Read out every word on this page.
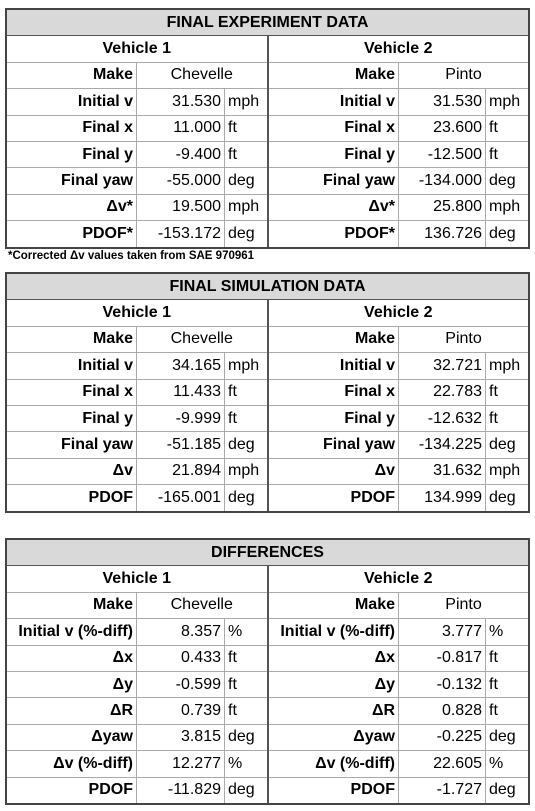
FINAL EXPERIMENT DATA					
Vehicle 1			Vehicle 2		
Make	Chevelle		Make	Pinto	
Initial v	31.530	mph	Initial v	31.530	mph
Final x	11.000	ft	Final x	23.600	ft
Final y	-9.400	ft	Final y	-12.500	ft
Final yaw	-55.000	deg	Final yaw	-134.000	deg
Δv*	19.500	mph	Δv*	25.800	mph
PDOF*	-153.172	deg	PDOF*	136.726	deg
*Corrected Δv values taken from SAE 970961
FINAL SIMULATION DATA					
Vehicle 1			Vehicle 2		
Make	Chevelle		Make	Pinto	
Initial v	34.165	mph	Initial v	32.721	mph
Final x	11.433	ft	Final x	22.783	ft
Final y	-9.999	ft	Final y	-12.632	ft
Final yaw	-51.185	deg	Final yaw	-134.225	deg
Δv	21.894	mph	Δv	31.632	mph
PDOF	-165.001	deg	PDOF	134.999	deg
DIFFERENCES					
Vehicle 1			Vehicle 2		
Make	Chevelle		Make	Pinto	
Initial v (%-diff)	8.357	%	Initial v (%-diff)	3.777	%
Δx	0.433	ft	Δx	-0.817	ft
Δy	-0.599	ft	Δy	-0.132	ft
ΔR	0.739	ft	ΔR	0.828	ft
Δyaw	3.815	deg	Δyaw	-0.225	deg
Δv (%-diff)	12.277	%	Δv (%-diff)	22.605	%
PDOF	-11.829	deg	PDOF	-1.727	deg
